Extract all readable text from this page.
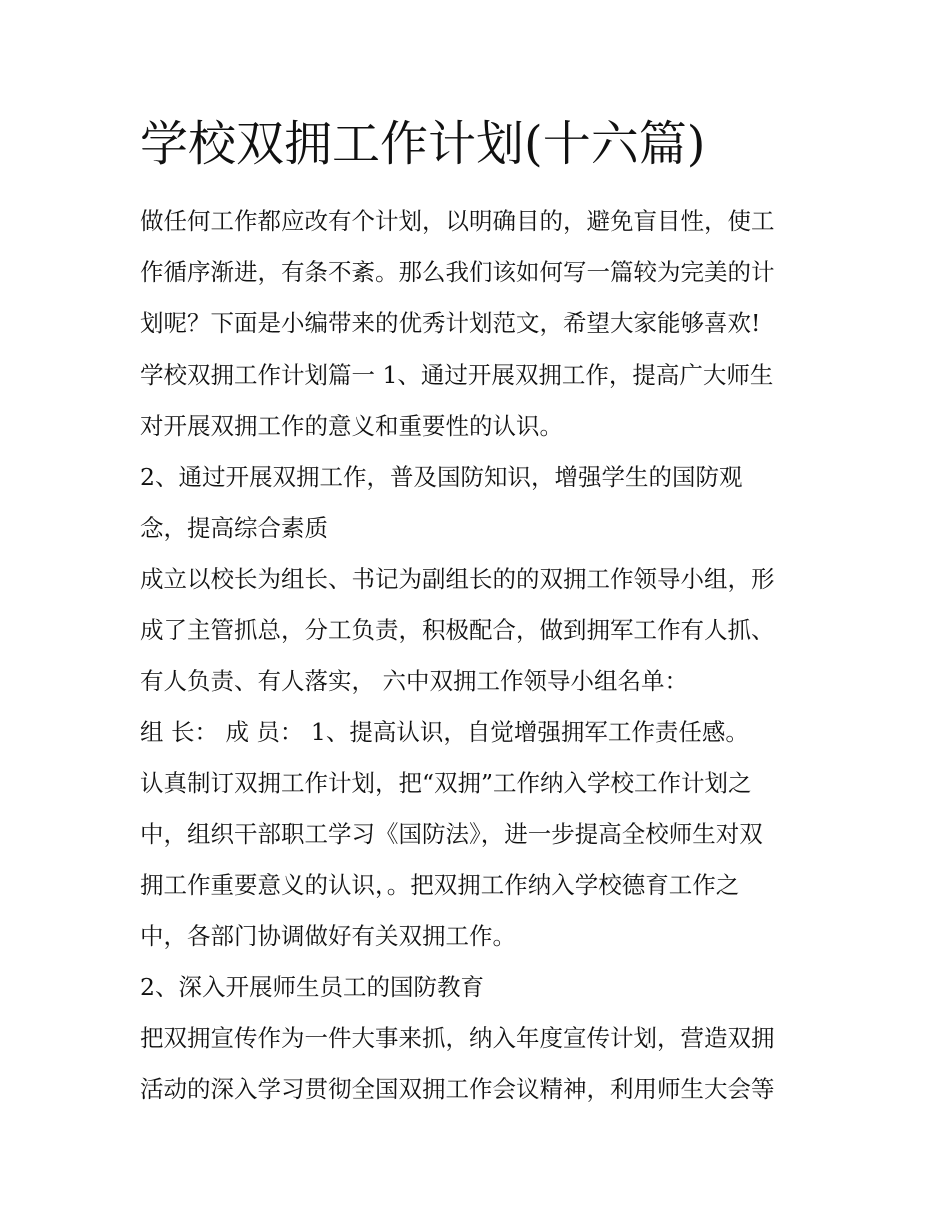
学校双拥工作计划(十六篇)

做任何工作都应改有个计划，以明确目的，避免盲目性，使工

作循序渐进，有条不紊。那么我们该如何写一篇较为完美的计

划呢？下面是小编带来的优秀计划范文，希望大家能够喜欢!

学校双拥工作计划篇一 1、通过开展双拥工作，提高广大师生

对开展双拥工作的意义和重要性的认识。

2、通过开展双拥工作，普及国防知识，增强学生的国防观

念，提高综合素质

成立以校长为组长、书记为副组长的的双拥工作领导小组，形

成了主管抓总，分工负责，积极配合，做到拥军工作有人抓、

有人负责、有人落实， 六中双拥工作领导小组名单：

组 长： 成 员： 1、提高认识，自觉增强拥军工作责任感。

认真制订双拥工作计划，把“双拥”工作纳入学校工作计划之

中，组织干部职工学习《国防法》，进一步提高全校师生对双

拥工作重要意义的认识，。把双拥工作纳入学校德育工作之

中，各部门协调做好有关双拥工作。

2、深入开展师生员工的国防教育

把双拥宣传作为一件大事来抓，纳入年度宣传计划，营造双拥

活动的深入学习贯彻全国双拥工作会议精神，利用师生大会等
